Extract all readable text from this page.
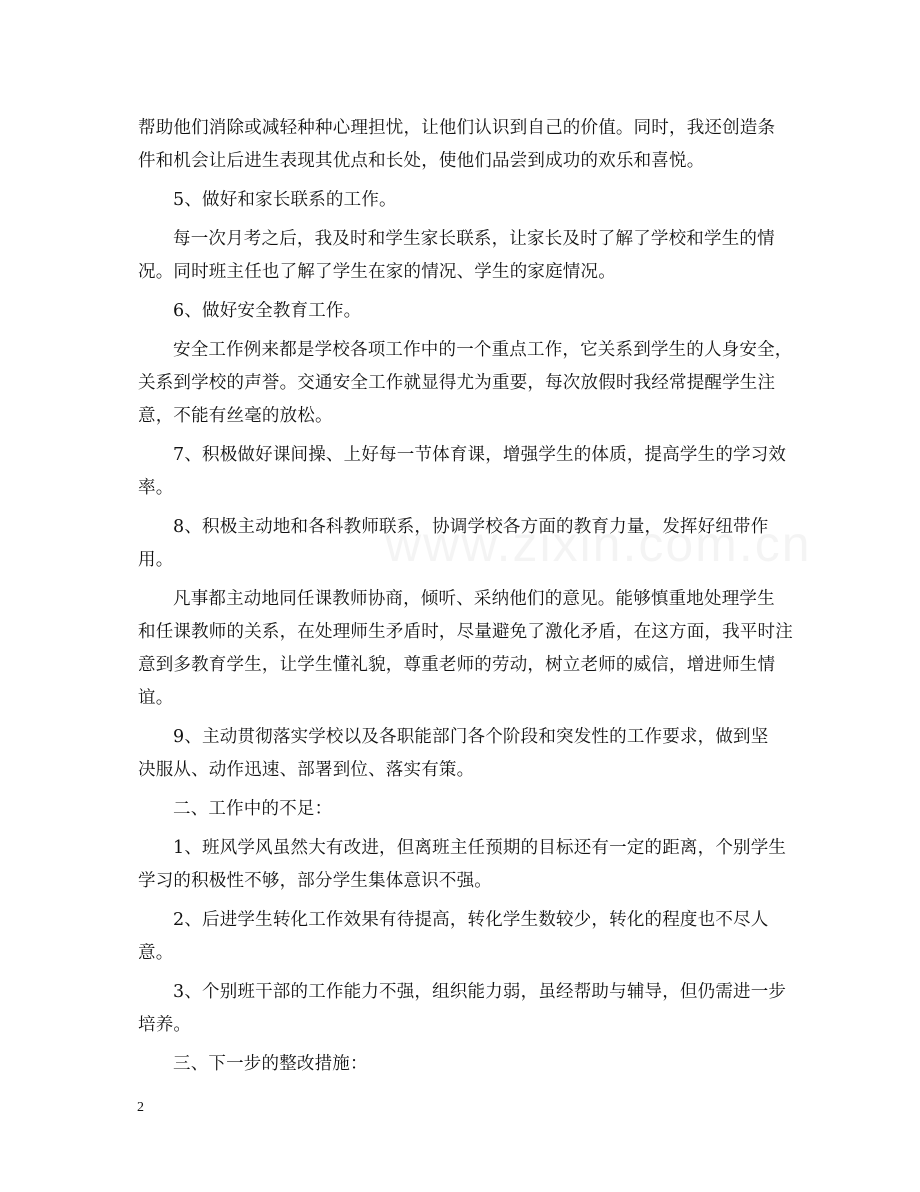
帮助他们消除或减轻种种心理担忧，让他们认识到自己的价值。同时，我还创造条
件和机会让后进生表现其优点和长处，使他们品尝到成功的欢乐和喜悦。
5、做好和家长联系的工作。
每一次月考之后，我及时和学生家长联系，让家长及时了解了学校和学生的情
况。同时班主任也了解了学生在家的情况、学生的家庭情况。
6、做好安全教育工作。
安全工作例来都是学校各项工作中的一个重点工作，它关系到学生的人身安全，
关系到学校的声誉。交通安全工作就显得尤为重要，每次放假时我经常提醒学生注
意，不能有丝毫的放松。
7、积极做好课间操、上好每一节体育课，增强学生的体质，提高学生的学习效
率。
8、积极主动地和各科教师联系，协调学校各方面的教育力量，发挥好纽带作
用。
凡事都主动地同任课教师协商，倾听、采纳他们的意见。能够慎重地处理学生
和任课教师的关系，在处理师生矛盾时，尽量避免了激化矛盾，在这方面，我平时注
意到多教育学生，让学生懂礼貌，尊重老师的劳动，树立老师的威信，增进师生情
谊。
9、主动贯彻落实学校以及各职能部门各个阶段和突发性的工作要求，做到坚
决服从、动作迅速、部署到位、落实有策。
二、工作中的不足：
1、班风学风虽然大有改进，但离班主任预期的目标还有一定的距离，个别学生
学习的积极性不够，部分学生集体意识不强。
2、后进学生转化工作效果有待提高，转化学生数较少，转化的程度也不尽人
意。
3、个别班干部的工作能力不强，组织能力弱，虽经帮助与辅导，但仍需进一步
培养。
三、下一步的整改措施：
2
